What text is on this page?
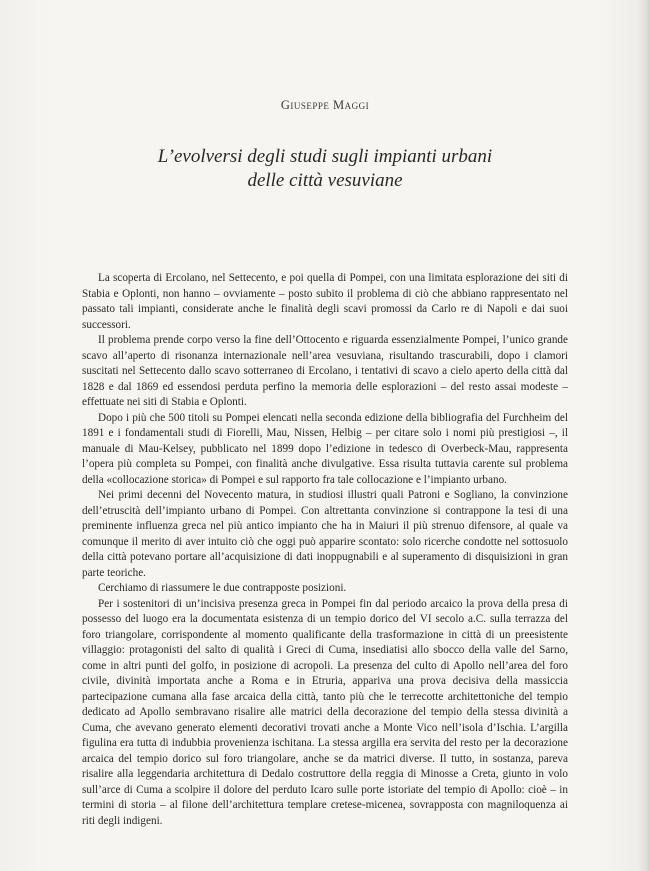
Giuseppe Maggi
L’evolversi degli studi sugli impianti urbani
delle città vesuviane

La scoperta di Ercolano, nel Settecento, e poi quella di Pompei, con una limitata esplorazione dei siti di Stabia e Oplonti, non hanno – ovviamente – posto subito il problema di ciò che abbiano rappresentato nel passato tali impianti, considerate anche le finalità degli scavi promossi da Carlo re di Napoli e dai suoi successori.

Il problema prende corpo verso la fine dell’Ottocento e riguarda essenzialmente Pompei, l’unico grande scavo all’aperto di risonanza internazionale nell’area vesuviana, risultando trascurabili, dopo i clamori suscitati nel Settecento dallo scavo sotterraneo di Ercolano, i tentativi di scavo a cielo aperto della città dal 1828 e dal 1869 ed essendosi perduta perfino la memoria delle esplorazioni – del resto assai modeste – effettuate nei siti di Stabia e Oplonti.

Dopo i più che 500 titoli su Pompei elencati nella seconda edizione della bibliografia del Furchheim del 1891 e i fondamentali studi di Fiorelli, Mau, Nissen, Helbig – per citare solo i nomi più prestigiosi –, il manuale di Mau-Kelsey, pubblicato nel 1899 dopo l’edizione in tedesco di Overbeck-Mau, rappresenta l’opera più completa su Pompei, con finalità anche divulgative. Essa risulta tuttavia carente sul problema della «collocazione storica» di Pompei e sul rapporto fra tale collocazione e l’impianto urbano.

Nei primi decenni del Novecento matura, in studiosi illustri quali Patroni e Sogliano, la convinzione dell’etruscità dell’impianto urbano di Pompei. Con altrettanta convinzione si contrappone la tesi di una preminente influenza greca nel più antico impianto che ha in Maiuri il più strenuo difensore, al quale va comunque il merito di aver intuito ciò che oggi può apparire scontato: solo ricerche condotte nel sottosuolo della città potevano portare all’acquisizione di dati inoppugnabili e al superamento di disquisizioni in gran parte teoriche.

Cerchiamo di riassumere le due contrapposte posizioni.

Per i sostenitori di un’incisiva presenza greca in Pompei fin dal periodo arcaico la prova della presa di possesso del luogo era la documentata esistenza di un tempio dorico del VI secolo a.C. sulla terrazza del foro triangolare, corrispondente al momento qualificante della trasformazione in città di un preesistente villaggio: protagonisti del salto di qualità i Greci di Cuma, insediatisi allo sbocco della valle del Sarno, come in altri punti del golfo, in posizione di acropoli. La presenza del culto di Apollo nell’area del foro civile, divinità importata anche a Roma e in Etruria, appariva una prova decisiva della massiccia partecipazione cumana alla fase arcaica della città, tanto più che le terrecotte architettoniche del tempio dedicato ad Apollo sembravano risalire alle matrici della decorazione del tempio della stessa divinità a Cuma, che avevano generato elementi decorativi trovati anche a Monte Vico nell’isola d’Ischia. L’argilla figulina era tutta di indubbia provenienza ischitana. La stessa argilla era servita del resto per la decorazione arcaica del tempio dorico sul foro triangolare, anche se da matrici diverse. Il tutto, in sostanza, pareva risalire alla leggendaria architettura di Dedalo costruttore della reggia di Minosse a Creta, giunto in volo sull’arce di Cuma a scolpire il dolore del perduto Icaro sulle porte istoriate del tempio di Apollo: cioè – in termini di storia – al filone dell’architettura templare cretese-micenea, sovrapposta con magniloquenza ai riti degli indigeni.
